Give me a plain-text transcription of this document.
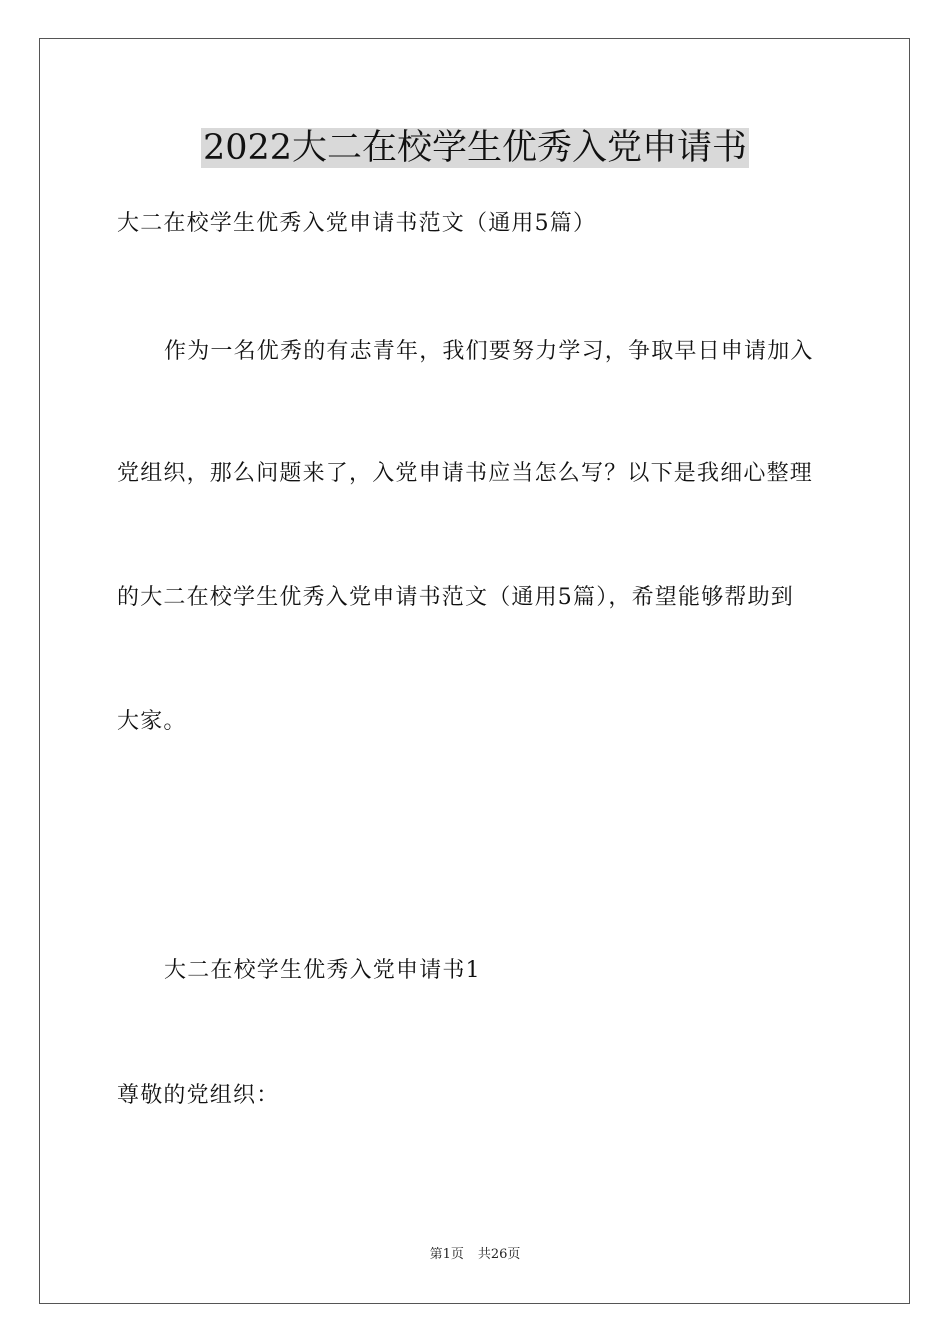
2022大二在校学生优秀入党申请书
大二在校学生优秀入党申请书范文（通用5篇）
作为一名优秀的有志青年，我们要努力学习，争取早日申请加入
党组织，那么问题来了，入党申请书应当怎么写？以下是我细心整理
的大二在校学生优秀入党申请书范文（通用5篇），希望能够帮助到
大家。
大二在校学生优秀入党申请书1
尊敬的党组织：
第1页 共26页
